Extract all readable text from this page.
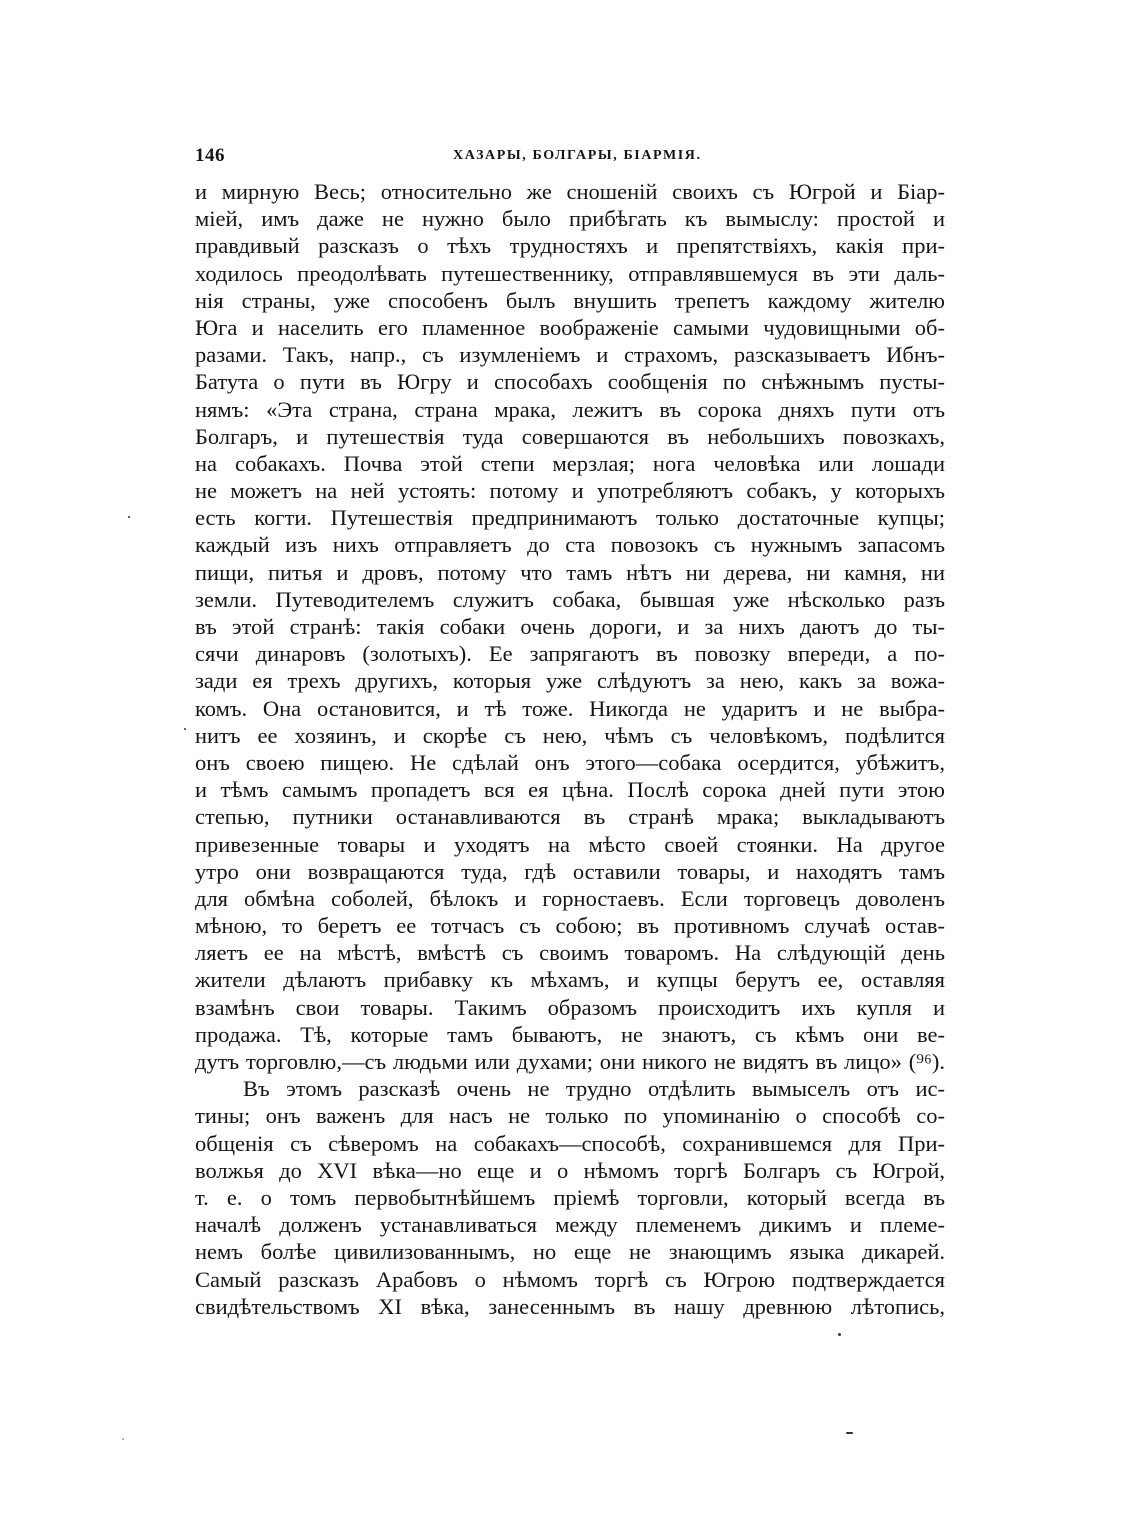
146	ХАЗАРЫ, БОЛГАРЫ, БІАРМІЯ.
и мирную Весь; относительно же сношеній своихъ съ Югрой и Біар-
міей, имъ даже не нужно было прибѣгать къ вымыслу: простой и
правдивый разсказъ о тѣхъ трудностяхъ и препятствіяхъ, какія при-
ходилось преодолѣвать путешественнику, отправлявшемуся въ эти даль-
нія страны, уже способенъ былъ внушить трепетъ каждому жителю
Юга и населить его пламенное воображеніе самыми чудовищными об-
разами. Такъ, напр., съ изумленіемъ и страхомъ, разсказываетъ Ибнъ-
Батута о пути въ Югру и способахъ сообщенія по снѣжнымъ пусты-
нямъ: «Эта страна, страна мрака, лежитъ въ сорока дняхъ пути отъ
Болгаръ, и путешествія туда совершаются въ небольшихъ повозкахъ,
на собакахъ. Почва этой степи мерзлая; нога человѣка или лошади
не можетъ на ней устоять: потому и употребляютъ собакъ, у которыхъ
есть когти. Путешествія предпринимаютъ только достаточные купцы;
каждый изъ нихъ отправляетъ до ста повозокъ съ нужнымъ запасомъ
пищи, питья и дровъ, потому что тамъ нѣтъ ни дерева, ни камня, ни
земли. Путеводителемъ служитъ собака, бывшая уже нѣсколько разъ
въ этой странѣ: такія собаки очень дороги, и за нихъ даютъ до ты-
сячи динаровъ (золотыхъ). Ее запрягаютъ въ повозку впереди, а по-
зади ея трехъ другихъ, которыя уже слѣдуютъ за нею, какъ за вожа-
комъ. Она остановится, и тѣ тоже. Никогда не ударитъ и не выбра-
нитъ ее хозяинъ, и скорѣе съ нею, чѣмъ съ человѣкомъ, подѣлится
онъ своею пищею. Не сдѣлай онъ этого—собака осердится, убѣжитъ,
и тѣмъ самымъ пропадетъ вся ея цѣна. Послѣ сорока дней пути этою
степью, путники останавливаются въ странѣ мрака; выкладываютъ
привезенные товары и уходятъ на мѣсто своей стоянки. На другое
утро они возвращаются туда, гдѣ оставили товары, и находятъ тамъ
для обмѣна соболей, бѣлокъ и горностаевъ. Если торговецъ доволенъ
мѣною, то беретъ ее тотчасъ съ собою; въ противномъ случаѣ остав-
ляетъ ее на мѣстѣ, вмѣстѣ съ своимъ товаромъ. На слѣдующій день
жители дѣлаютъ прибавку къ мѣхамъ, и купцы берутъ ее, оставляя
взамѣнъ свои товары. Такимъ образомъ происходитъ ихъ купля и
продажа. Тѣ, которые тамъ бываютъ, не знаютъ, съ кѣмъ они ве-
дутъ торговлю,—съ людьми или духами; они никого не видятъ въ лицо» (⁹⁶).
Въ этомъ разсказѣ очень не трудно отдѣлить вымыселъ отъ ис-
тины; онъ важенъ для насъ не только по упоминанію о способѣ со-
общенія съ сѣверомъ на собакахъ—способѣ, сохранившемся для При-
волжья до XVI вѣка—но еще и о нѣмомъ торгѣ Болгаръ съ Югрой,
т. е. о томъ первобытнѣйшемъ пріемѣ торговли, который всегда въ
началѣ долженъ устанавливаться между племенемъ дикимъ и племе-
немъ болѣе цивилизованнымъ, но еще не знающимъ языка дикарей.
Самый разсказъ Арабовъ о нѣмомъ торгѣ съ Югрою подтверждается
свидѣтельствомъ XI вѣка, занесеннымъ въ нашу древнюю лѣтопись,
